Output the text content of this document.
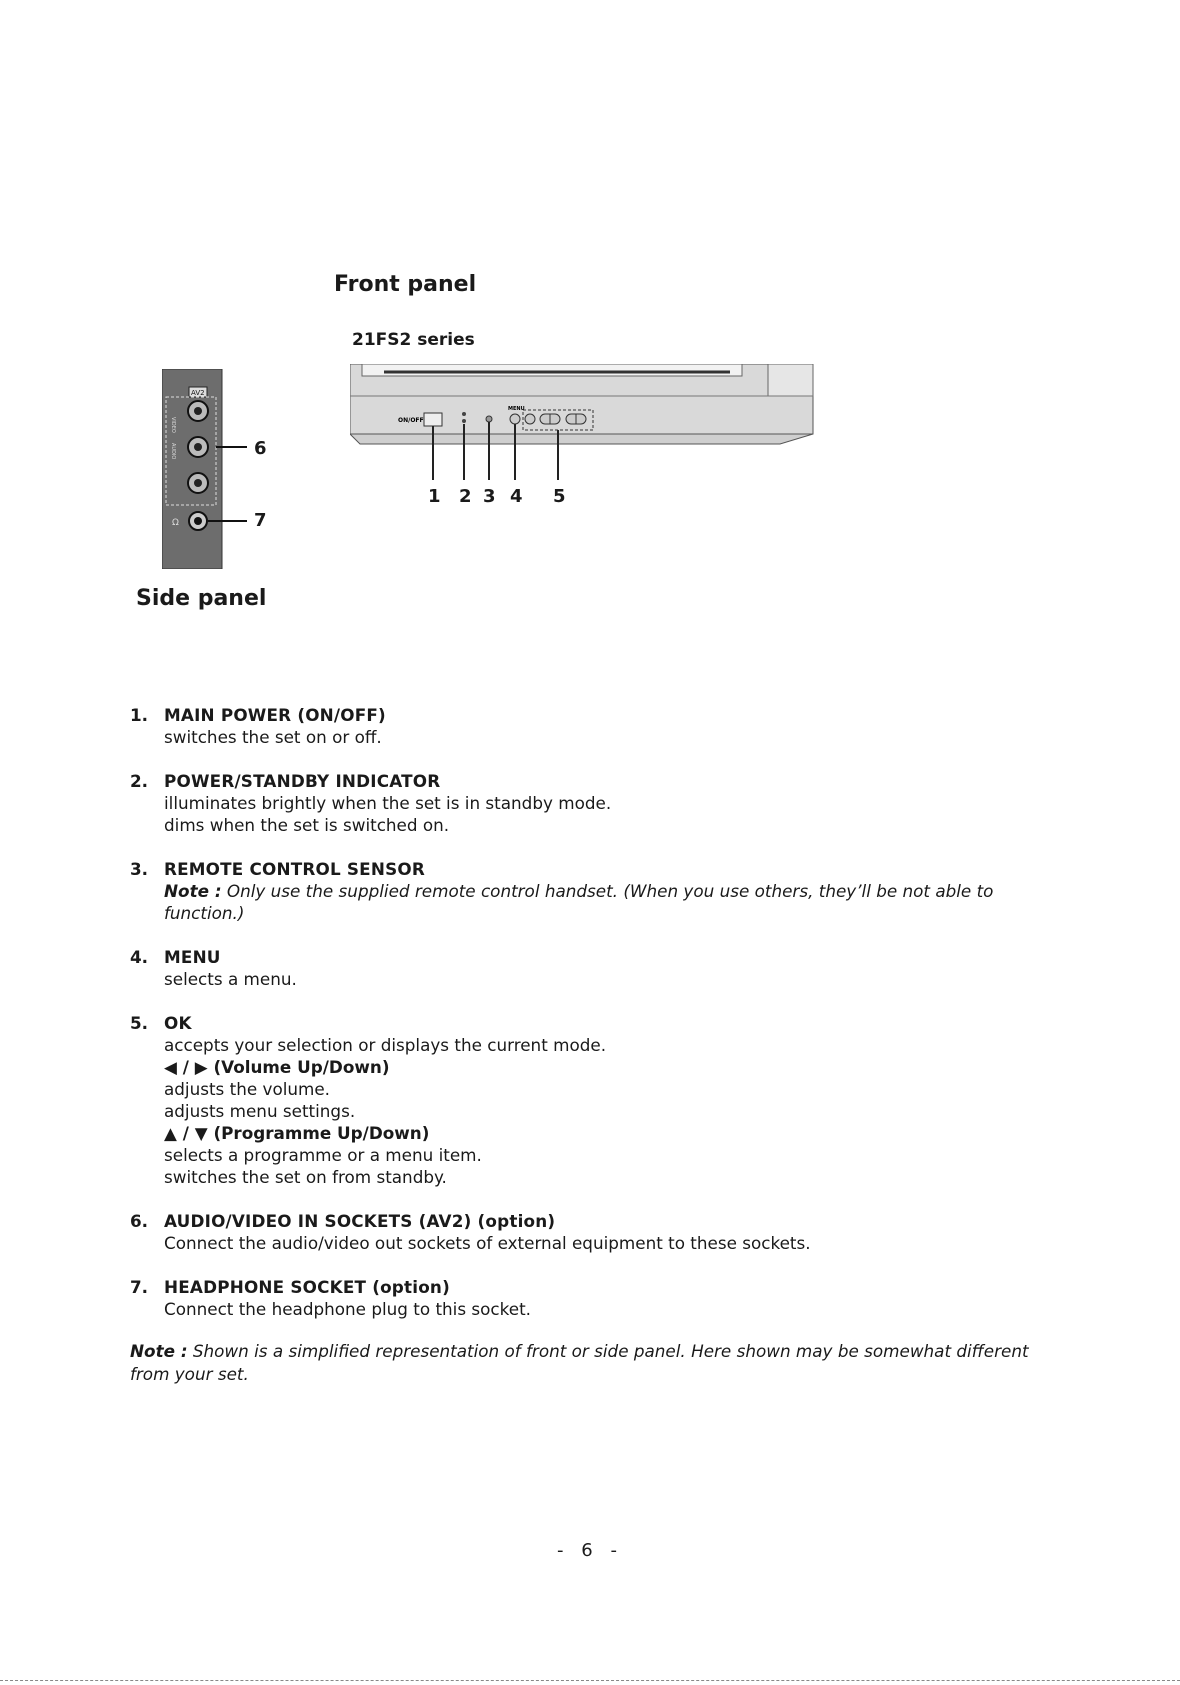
Front panel
21FS2 series
Side panel
ON/OFF
MENU
1 2 3 4 5
AV2
VIDEO
AUDIO
Ω
6
7
1. MAIN POWER (ON/OFF)
switches the set on or off.
2. POWER/STANDBY INDICATOR
illuminates brightly when the set is in standby mode.
dims when the set is switched on.
3. REMOTE CONTROL SENSOR
Note : Only use the supplied remote control handset. (When you use others, they’ll be not able to function.)
4. MENU
selects a menu.
5. OK
accepts your selection or displays the current mode.
◀ / ▶ (Volume Up/Down)
adjusts the volume.
adjusts menu settings.
▲ / ▼ (Programme Up/Down)
selects a programme or a menu item.
switches the set on from standby.
6. AUDIO/VIDEO IN SOCKETS (AV2) (option)
Connect the audio/video out sockets of external equipment to these sockets.
7. HEADPHONE SOCKET (option)
Connect the headphone plug to this socket.
Note : Shown is a simplified representation of front or side panel. Here shown may be somewhat different from your set.
- 6 -
